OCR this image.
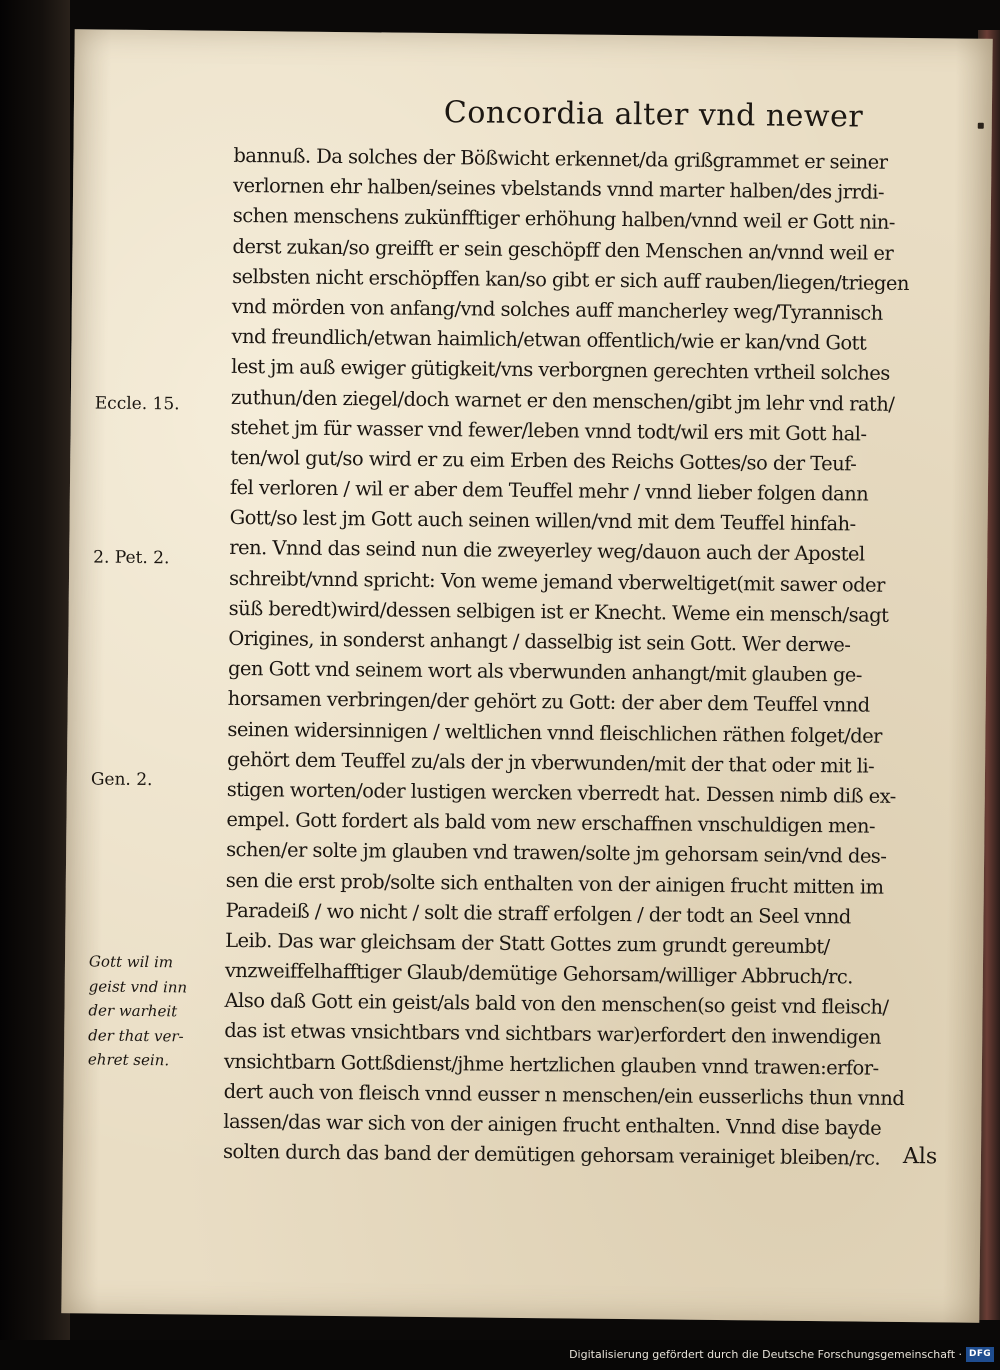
Concordia alter vnd newer
bannuß. Da solches der Bößwicht erkennet/da grißgrammet er seiner
verlornen ehr halben/seines vbelstands vnnd marter halben/des jrrdi-
schen menschens zukünfftiger erhöhung halben/vnnd weil er Gott nin-
derst zukan/so greifft er sein geschöpff den Menschen an/vnnd weil er
selbsten nicht erschöpffen kan/so gibt er sich auff rauben/liegen/triegen
vnd mörden von anfang/vnd solches auff mancherley weg/Tyrannisch
vnd freundlich/etwan haimlich/etwan offentlich/wie er kan/vnd Gott
lest jm auß ewiger gütigkeit/vns verborgnen gerechten vrtheil solches
zuthun/den ziegel/doch warnet er den menschen/gibt jm lehr vnd rath/
stehet jm für wasser vnd fewer/leben vnnd todt/wil ers mit Gott hal-
ten/wol gut/so wird er zu eim Erben des Reichs Gottes/so der Teuf-
fel verloren / wil er aber dem Teuffel mehr / vnnd lieber folgen dann
Gott/so lest jm Gott auch seinen willen/vnd mit dem Teuffel hinfah-
ren. Vnnd das seind nun die zweyerley weg/dauon auch der Apostel
schreibt/vnnd spricht: Von weme jemand vberweltiget(mit sawer oder
süß beredt)wird/dessen selbigen ist er Knecht. Weme ein mensch/sagt
Origines, in sonderst anhangt / dasselbig ist sein Gott. Wer derwe-
gen Gott vnd seinem wort als vberwunden anhangt/mit glauben ge-
horsamen verbringen/der gehört zu Gott: der aber dem Teuffel vnnd
seinen widersinnigen / weltlichen vnnd fleischlichen räthen folget/der
gehört dem Teuffel zu/als der jn vberwunden/mit der that oder mit li-
stigen worten/oder lustigen wercken vberredt hat. Dessen nimb diß ex-
empel. Gott fordert als bald vom new erschaffnen vnschuldigen men-
schen/er solte jm glauben vnd trawen/solte jm gehorsam sein/vnd des-
sen die erst prob/solte sich enthalten von der ainigen frucht mitten im
Paradeiß / wo nicht / solt die straff erfolgen / der todt an Seel vnnd
Leib. Das war gleichsam der Statt Gottes zum grundt gereumbt/
vnzweiffelhafftiger Glaub/demütige Gehorsam/williger Abbruch/rc.
Also daß Gott ein geist/als bald von den menschen(so geist vnd fleisch/
das ist etwas vnsichtbars vnd sichtbars war)erfordert den inwendigen
vnsichtbarn Gottßdienst/jhme hertzlichen glauben vnnd trawen:erfor-
dert auch von fleisch vnnd eusser n menschen/ein eusserlichs thun vnnd
lassen/das war sich von der ainigen frucht enthalten. Vnnd dise bayde
solten durch das band der demütigen gehorsam verainiget bleiben/rc.	Als
Eccle. 15.
2. Pet. 2.
Gen. 2.
Gott wil im
geist vnd inn
der warheit
der that ver-
ehret sein.
Digitalisierung gefördert durch die Deutsche Forschungsgemeinschaft · DFG
